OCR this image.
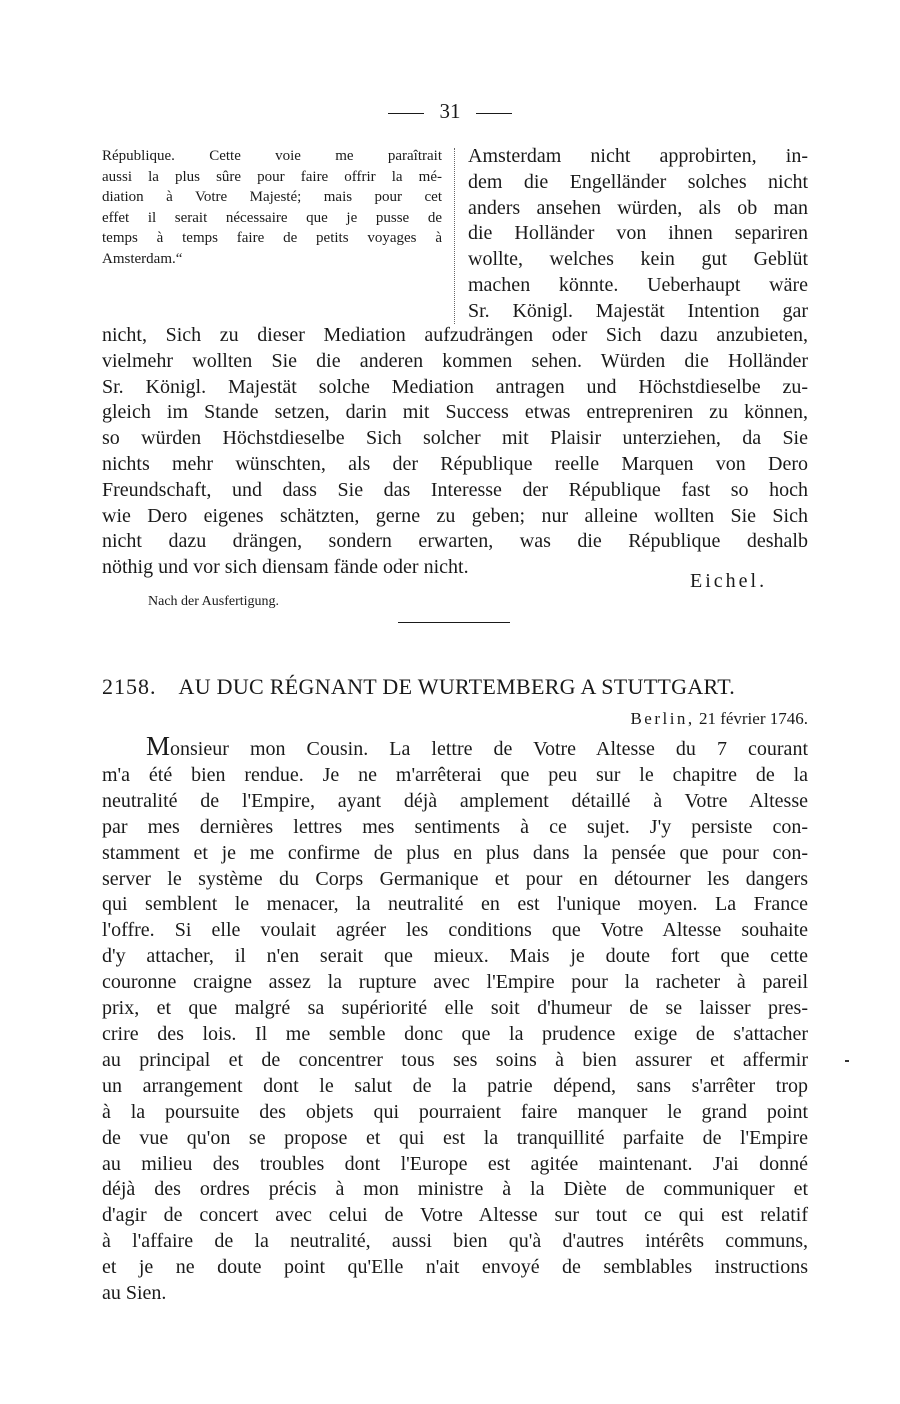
31
République. Cette voie me paraîtrait
aussi la plus sûre pour faire offrir la mé-
diation à Votre Majesté; mais pour cet
effet il serait nécessaire que je pusse de
temps à temps faire de petits voyages à
Amsterdam.“
Amsterdam nicht approbirten, in-
dem die Engelländer solches nicht
anders ansehen würden, als ob man
die Holländer von ihnen separiren
wollte, welches kein gut Geblüt
machen könnte. Ueberhaupt wäre
Sr. Königl. Majestät Intention gar
nicht, Sich zu dieser Mediation aufzudrängen oder Sich dazu anzubieten,
vielmehr wollten Sie die anderen kommen sehen. Würden die Holländer
Sr. Königl. Majestät solche Mediation antragen und Höchstdieselbe zu-
gleich im Stande setzen, darin mit Success etwas entrepreniren zu können,
so würden Höchstdieselbe Sich solcher mit Plaisir unterziehen, da Sie
nichts mehr wünschten, als der République reelle Marquen von Dero
Freundschaft, und dass Sie das Interesse der République fast so hoch
wie Dero eigenes schätzten, gerne zu geben; nur alleine wollten Sie Sich
nicht dazu drängen, sondern erwarten, was die République deshalb
nöthig und vor sich diensam fände oder nicht.
Eichel.
Nach der Ausfertigung.
2158. AU DUC RÉGNANT DE WURTEMBERG A STUTTGART.
Berlin, 21 février 1746.
Monsieur mon Cousin. La lettre de Votre Altesse du 7 courant
m'a été bien rendue. Je ne m'arrêterai que peu sur le chapitre de la
neutralité de l'Empire, ayant déjà amplement détaillé à Votre Altesse
par mes dernières lettres mes sentiments à ce sujet. J'y persiste con-
stamment et je me confirme de plus en plus dans la pensée que pour con-
server le système du Corps Germanique et pour en détourner les dangers
qui semblent le menacer, la neutralité en est l'unique moyen. La France
l'offre. Si elle voulait agréer les conditions que Votre Altesse souhaite
d'y attacher, il n'en serait que mieux. Mais je doute fort que cette
couronne craigne assez la rupture avec l'Empire pour la racheter à pareil
prix, et que malgré sa supériorité elle soit d'humeur de se laisser pres-
crire des lois. Il me semble donc que la prudence exige de s'attacher
au principal et de concentrer tous ses soins à bien assurer et affermir
un arrangement dont le salut de la patrie dépend, sans s'arrêter trop
à la poursuite des objets qui pourraient faire manquer le grand point
de vue qu'on se propose et qui est la tranquillité parfaite de l'Empire
au milieu des troubles dont l'Europe est agitée maintenant. J'ai donné
déjà des ordres précis à mon ministre à la Diète de communiquer et
d'agir de concert avec celui de Votre Altesse sur tout ce qui est relatif
à l'affaire de la neutralité, aussi bien qu'à d'autres intérêts communs,
et je ne doute point qu'Elle n'ait envoyé de semblables instructions
au Sien.
